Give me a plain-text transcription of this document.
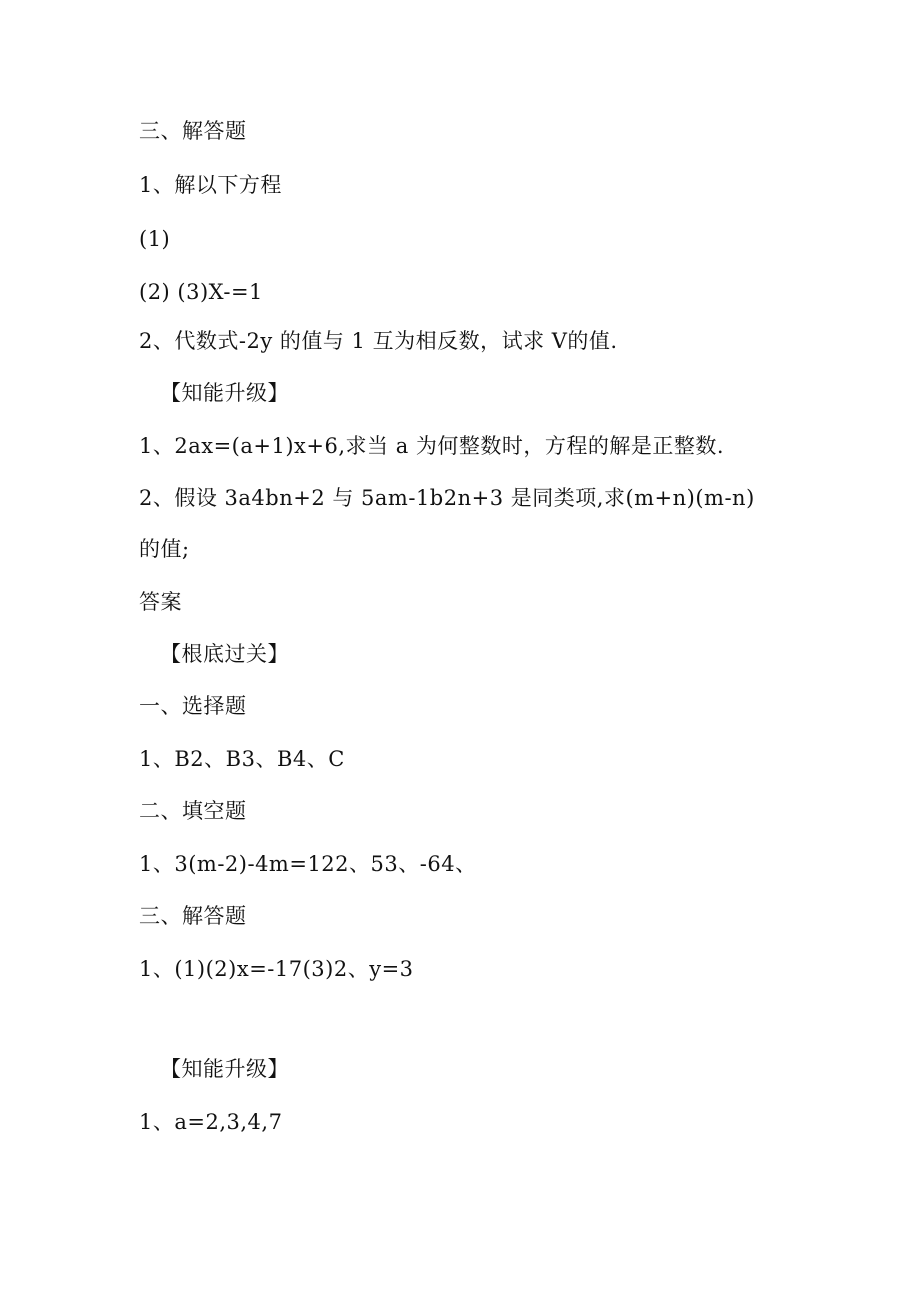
三、解答题
1、解以下方程
(1)
(2) (3)X-=1
2、代数式-2y 的值与 1 互为相反数，试求 V的值.
【知能升级】
1、2ax=(a+1)x+6,求当 a 为何整数时，方程的解是正整数.
2、假设 3a4bn+2 与 5am-1b2n+3 是同类项,求(m+n)(m-n)
的值;
答案
【根底过关】
一、选择题
1、B2、B3、B4、C
二、填空题
1、3(m-2)-4m=122、53、-64、
三、解答题
1、(1)(2)x=-17(3)2、y=3
【知能升级】
1、a=2,3,4,7
